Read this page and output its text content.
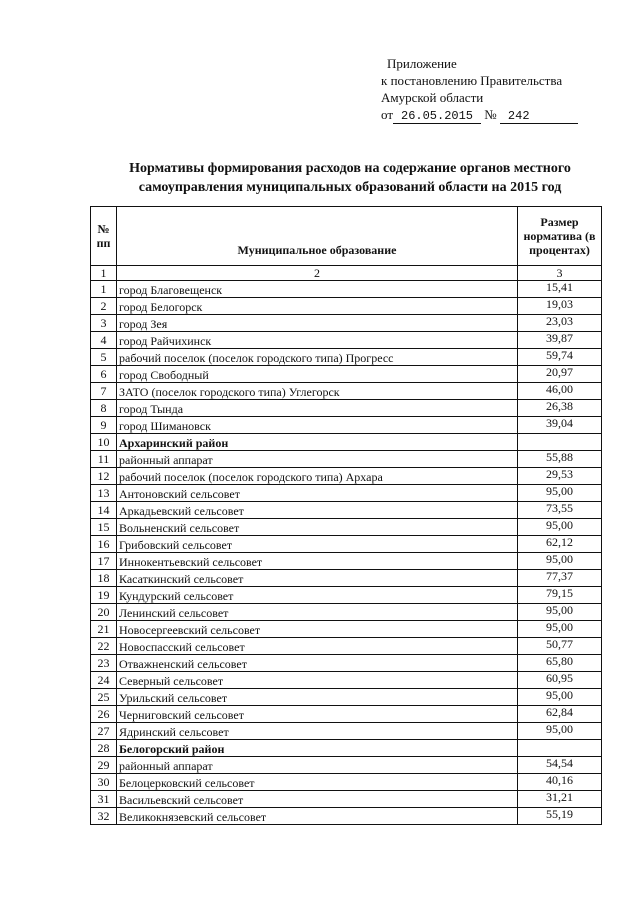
Приложение
к постановлению Правительства
Амурской области
от 26.05.2015 № 242
Нормативы формирования расходов на содержание органов местного
самоуправления муниципальных образований области на 2015 год
№ пп	Муниципальное образование	Размер норматива (в процентах)
1	2	3
1	город Благовещенск	15,41
2	город Белогорск	19,03
3	город Зея	23,03
4	город Райчихинск	39,87
5	рабочий поселок (поселок городского типа) Прогресс	59,74
6	город Свободный	20,97
7	ЗАТО (поселок городского типа) Углегорск	46,00
8	город Тында	26,38
9	город Шимановск	39,04
10	Архаринский район	
11	районный аппарат	55,88
12	рабочий поселок (поселок городского типа) Архара	29,53
13	Антоновский сельсовет	95,00
14	Аркадьевский сельсовет	73,55
15	Вольненский сельсовет	95,00
16	Грибовский сельсовет	62,12
17	Иннокентьевский сельсовет	95,00
18	Касаткинский сельсовет	77,37
19	Кундурский сельсовет	79,15
20	Ленинский сельсовет	95,00
21	Новосергеевский сельсовет	95,00
22	Новоспасский сельсовет	50,77
23	Отважненский сельсовет	65,80
24	Северный сельсовет	60,95
25	Урильский сельсовет	95,00
26	Черниговский сельсовет	62,84
27	Ядринский сельсовет	95,00
28	Белогорский район	
29	районный аппарат	54,54
30	Белоцерковский сельсовет	40,16
31	Васильевский сельсовет	31,21
32	Великокнязевский сельсовет	55,19
